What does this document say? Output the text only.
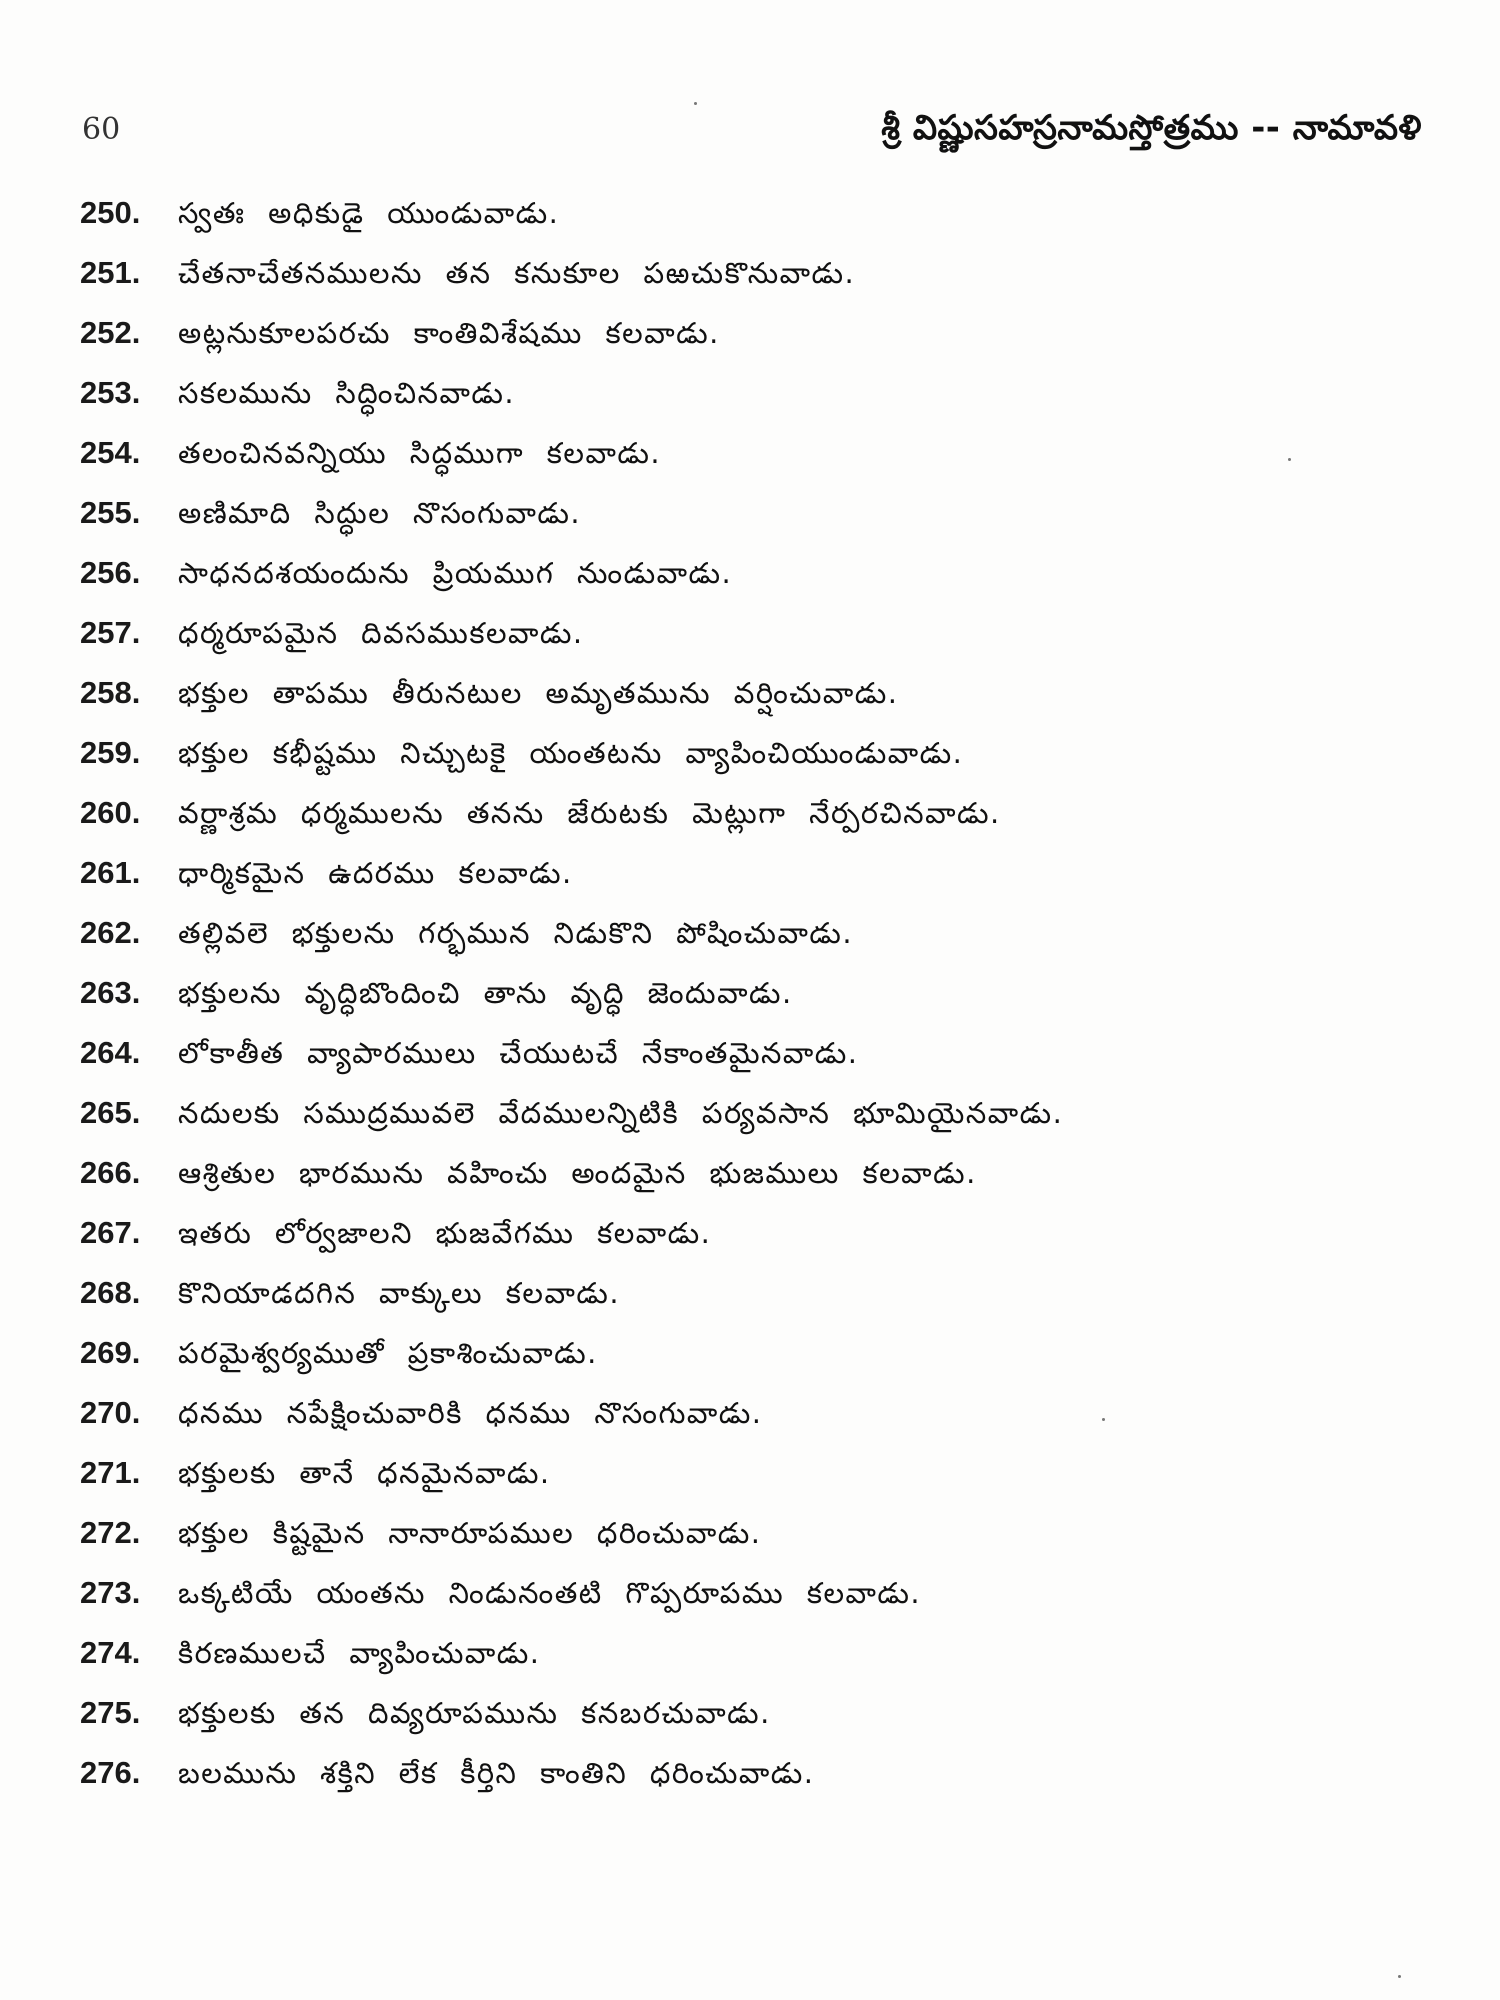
60	శ్రీ విష్ణుసహస్రనామస్తోత్రము -- నామావళి
250.	స్వతః అధికుడై యుండువాడు.
251.	చేతనాచేతనములను తన కనుకూల పఱచుకొనువాడు.
252.	అట్లనుకూలపరచు కాంతివిశేషము కలవాడు.
253.	సకలమును సిద్ధించినవాడు.
254.	తలంచినవన్నియు సిద్ధముగా కలవాడు.
255.	అణిమాది సిద్ధుల నొసంగువాడు.
256.	సాధనదశయందును ప్రియముగ నుండువాడు.
257.	ధర్మరూపమైన దివసముకలవాడు.
258.	భక్తుల తాపము తీరునటుల అమృతమును వర్షించువాడు.
259.	భక్తుల కభీష్టము నిచ్చుటకై యంతటను వ్యాపించియుండువాడు.
260.	వర్ణాశ్రమ ధర్మములను తనను జేరుటకు మెట్లుగా నేర్పరచినవాడు.
261.	ధార్మికమైన ఉదరము కలవాడు.
262.	తల్లివలె భక్తులను గర్భమున నిడుకొని పోషించువాడు.
263.	భక్తులను వృద్ధిబొందించి తాను వృద్ధి జెందువాడు.
264.	లోకాతీత వ్యాపారములు చేయుటచే నేకాంతమైనవాడు.
265.	నదులకు సముద్రమువలె వేదములన్నిటికి పర్యవసాన భూమియైనవాడు.
266.	ఆశ్రితుల భారమును వహించు అందమైన భుజములు కలవాడు.
267.	ఇతరు లోర్వజాలని భుజవేగము కలవాడు.
268.	కొనియాడదగిన వాక్కులు కలవాడు.
269.	పరమైశ్వర్యముతో ప్రకాశించువాడు.
270.	ధనము నపేక్షించువారికి ధనము నొసంగువాడు.
271.	భక్తులకు తానే ధనమైనవాడు.
272.	భక్తుల కిష్టమైన నానారూపముల ధరించువాడు.
273.	ఒక్కటియే యంతను నిండునంతటి గొప్పరూపము కలవాడు.
274.	కిరణములచే వ్యాపించువాడు.
275.	భక్తులకు తన దివ్యరూపమును కనబరచువాడు.
276.	బలమును శక్తిని లేక కీర్తిని కాంతిని ధరించువాడు.
